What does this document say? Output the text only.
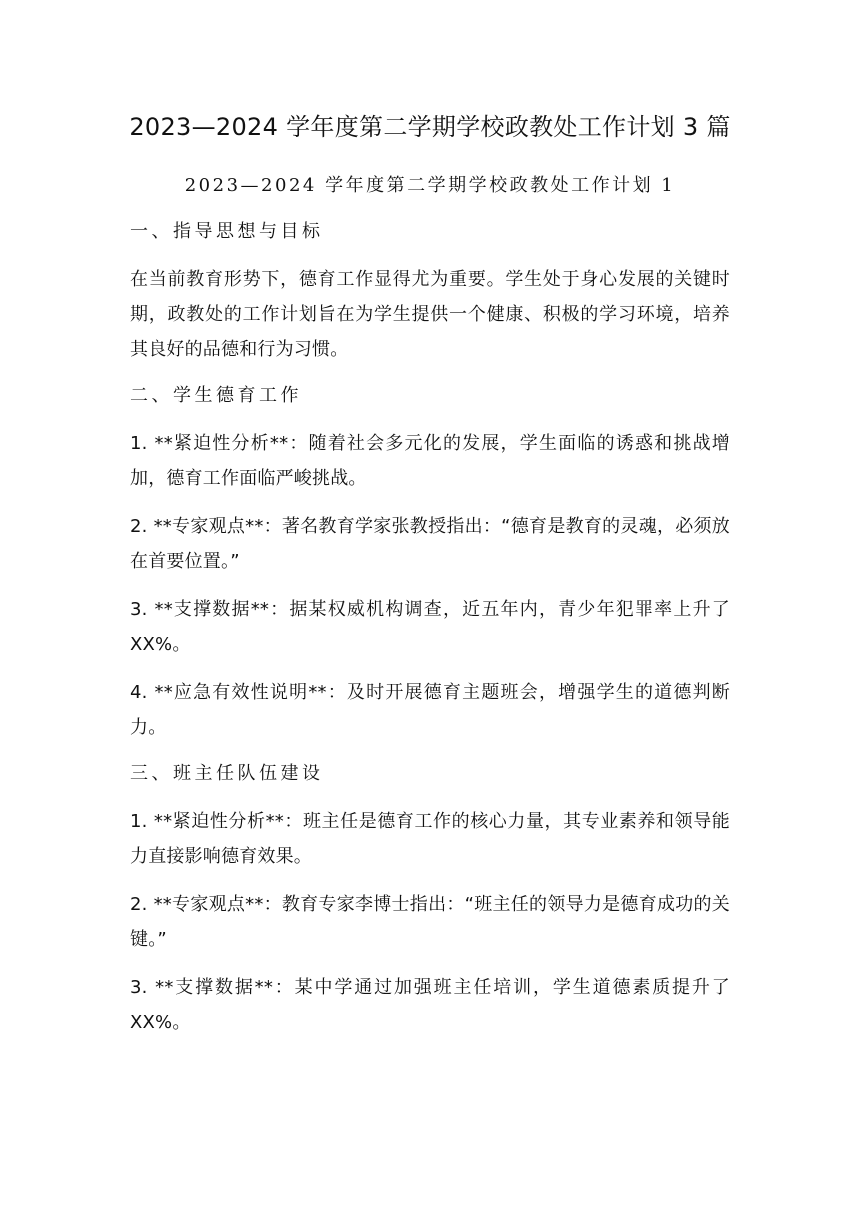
2023—2024 学年度第二学期学校政教处工作计划 3 篇
2023—2024 学年度第二学期学校政教处工作计划 1
一、指导思想与目标

在当前教育形势下，德育工作显得尤为重要。学生处于身心发展的关键时期，政教处的工作计划旨在为学生提供一个健康、积极的学习环境，培养其良好的品德和行为习惯。

二、学生德育工作

1. **紧迫性分析**：随着社会多元化的发展，学生面临的诱惑和挑战增加，德育工作面临严峻挑战。

2. **专家观点**：著名教育学家张教授指出：“德育是教育的灵魂，必须放在首要位置。”

3. **支撑数据**：据某权威机构调查，近五年内，青少年犯罪率上升了 XX%。

4. **应急有效性说明**：及时开展德育主题班会，增强学生的道德判断力。

三、班主任队伍建设

1. **紧迫性分析**：班主任是德育工作的核心力量，其专业素养和领导能力直接影响德育效果。

2. **专家观点**：教育专家李博士指出：“班主任的领导力是德育成功的关键。”

3. **支撑数据**：某中学通过加强班主任培训，学生道德素质提升了 XX%。
